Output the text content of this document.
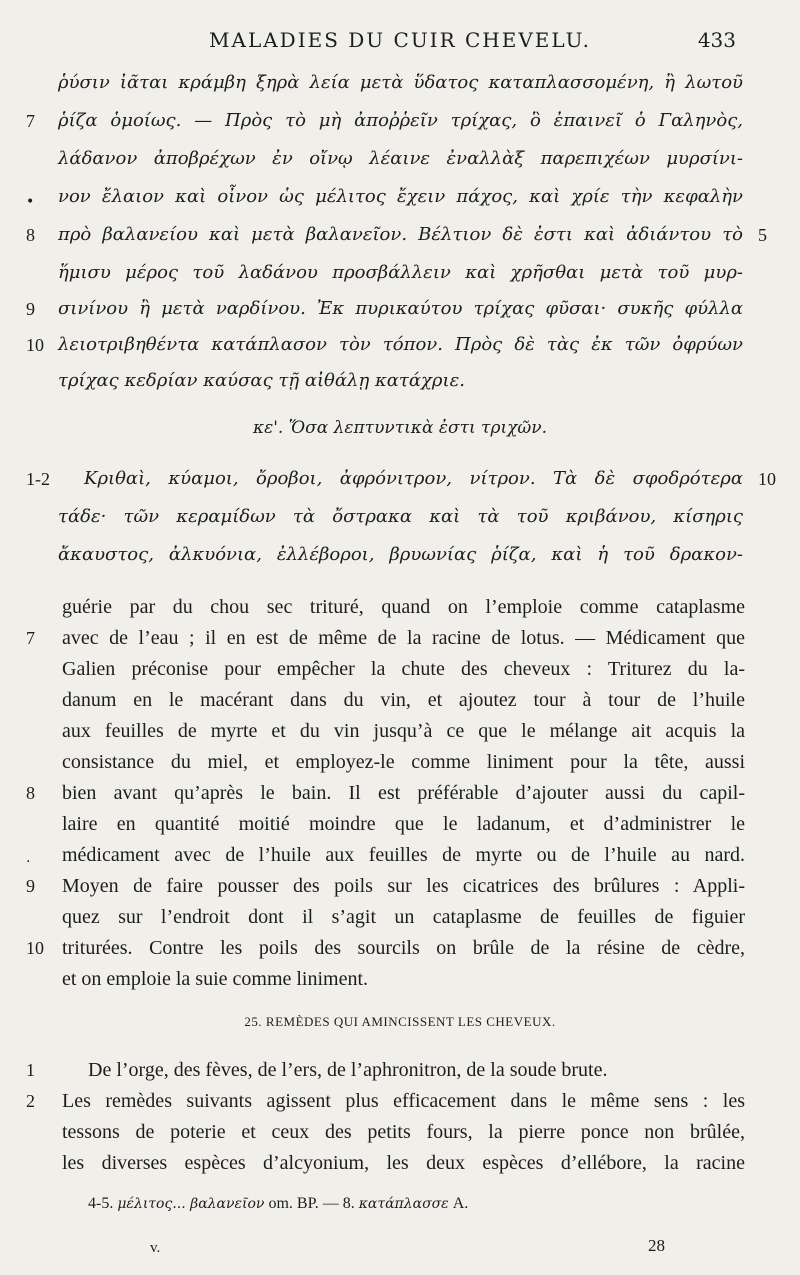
MALADIES DU CUIR CHEVELU.	433
ῥύσιν ἰᾶται κράμβη ξηρὰ λεία μετὰ ὕδατος καταπλασσομένη, ἢ λωτοῦ
7 ῥίζα ὁμοίως. — Πρὸς τὸ μὴ ἀποῤῥεῖν τρίχας, ὃ ἐπαινεῖ ὁ Γαληνὸς,
λάδανον ἀποβρέχων ἐν οἴνῳ λέαινε ἐναλλὰξ παρεπιχέων μυρσίνι-
• νον ἔλαιον καὶ οἶνον ὡς μέλιτος ἔχειν πάχος, καὶ χρίε τὴν κεφαλὴν
8 πρὸ βαλανείου καὶ μετὰ βαλανεῖον. Βέλτιον δὲ ἐστι καὶ ἀδιάντου τὸ 5
ἥμισυ μέρος τοῦ λαδάνου προσβάλλειν καὶ χρῆσθαι μετὰ τοῦ μυρ-
9 σινίνου ἢ μετὰ ναρδίνου. Ἐκ πυρικαύτου τρίχας φῦσαι· συκῆς φύλλα
10 λειοτριβηθέντα κατάπλασον τὸν τόπον. Πρὸς δὲ τὰς ἐκ τῶν ὀφρύων
τρίχας κεδρίαν καύσας τῇ αἰθάλῃ κατάχριε.
κε'. Ὅσα λεπτυντικὰ ἐστι τριχῶν.
1-2 Κριθαὶ, κύαμοι, ὄροβοι, ἀφρόνιτρον, νίτρον. Τὰ δὲ σφοδρότερα 10
τάδε· τῶν κεραμίδων τὰ ὄστρακα καὶ τὰ τοῦ κριβάνου, κίσηρις
ἄκαυστος, ἀλκυόνια, ἐλλέβοροι, βρυωνίας ῥίζα, καὶ ἡ τοῦ δρακον-
guérie par du chou sec trituré, quand on l’emploie comme cataplasme
7 avec de l’eau ; il en est de même de la racine de lotus. — Médicament que
Galien préconise pour empêcher la chute des cheveux : Triturez du la-
danum en le macérant dans du vin, et ajoutez tour à tour de l’huile
aux feuilles de myrte et du vin jusqu’à ce que le mélange ait acquis la
consistance du miel, et employez-le comme liniment pour la tête, aussi
8 bien avant qu’après le bain. Il est préférable d’ajouter aussi du capil-
laire en quantité moitié moindre que le ladanum, et d’administrer le
. médicament avec de l’huile aux feuilles de myrte ou de l’huile au nard.
9 Moyen de faire pousser des poils sur les cicatrices des brûlures : Appli-
quez sur l’endroit dont il s’agit un cataplasme de feuilles de figuier
10 triturées. Contre les poils des sourcils on brûle de la résine de cèdre,
et on emploie la suie comme liniment.
25. REMÈDES QUI AMINCISSENT LES CHEVEUX.
1	De l’orge, des fèves, de l’ers, de l’aphronitron, de la soude brute.
2 Les remèdes suivants agissent plus efficacement dans le même sens : les
tessons de poterie et ceux des petits fours, la pierre ponce non brûlée,
les diverses espèces d’alcyonium, les deux espèces d’ellébore, la racine
4-5. μέλιτος... βαλανεῖον om. BP. — 8. κατάπλασσε A.
v.	28
